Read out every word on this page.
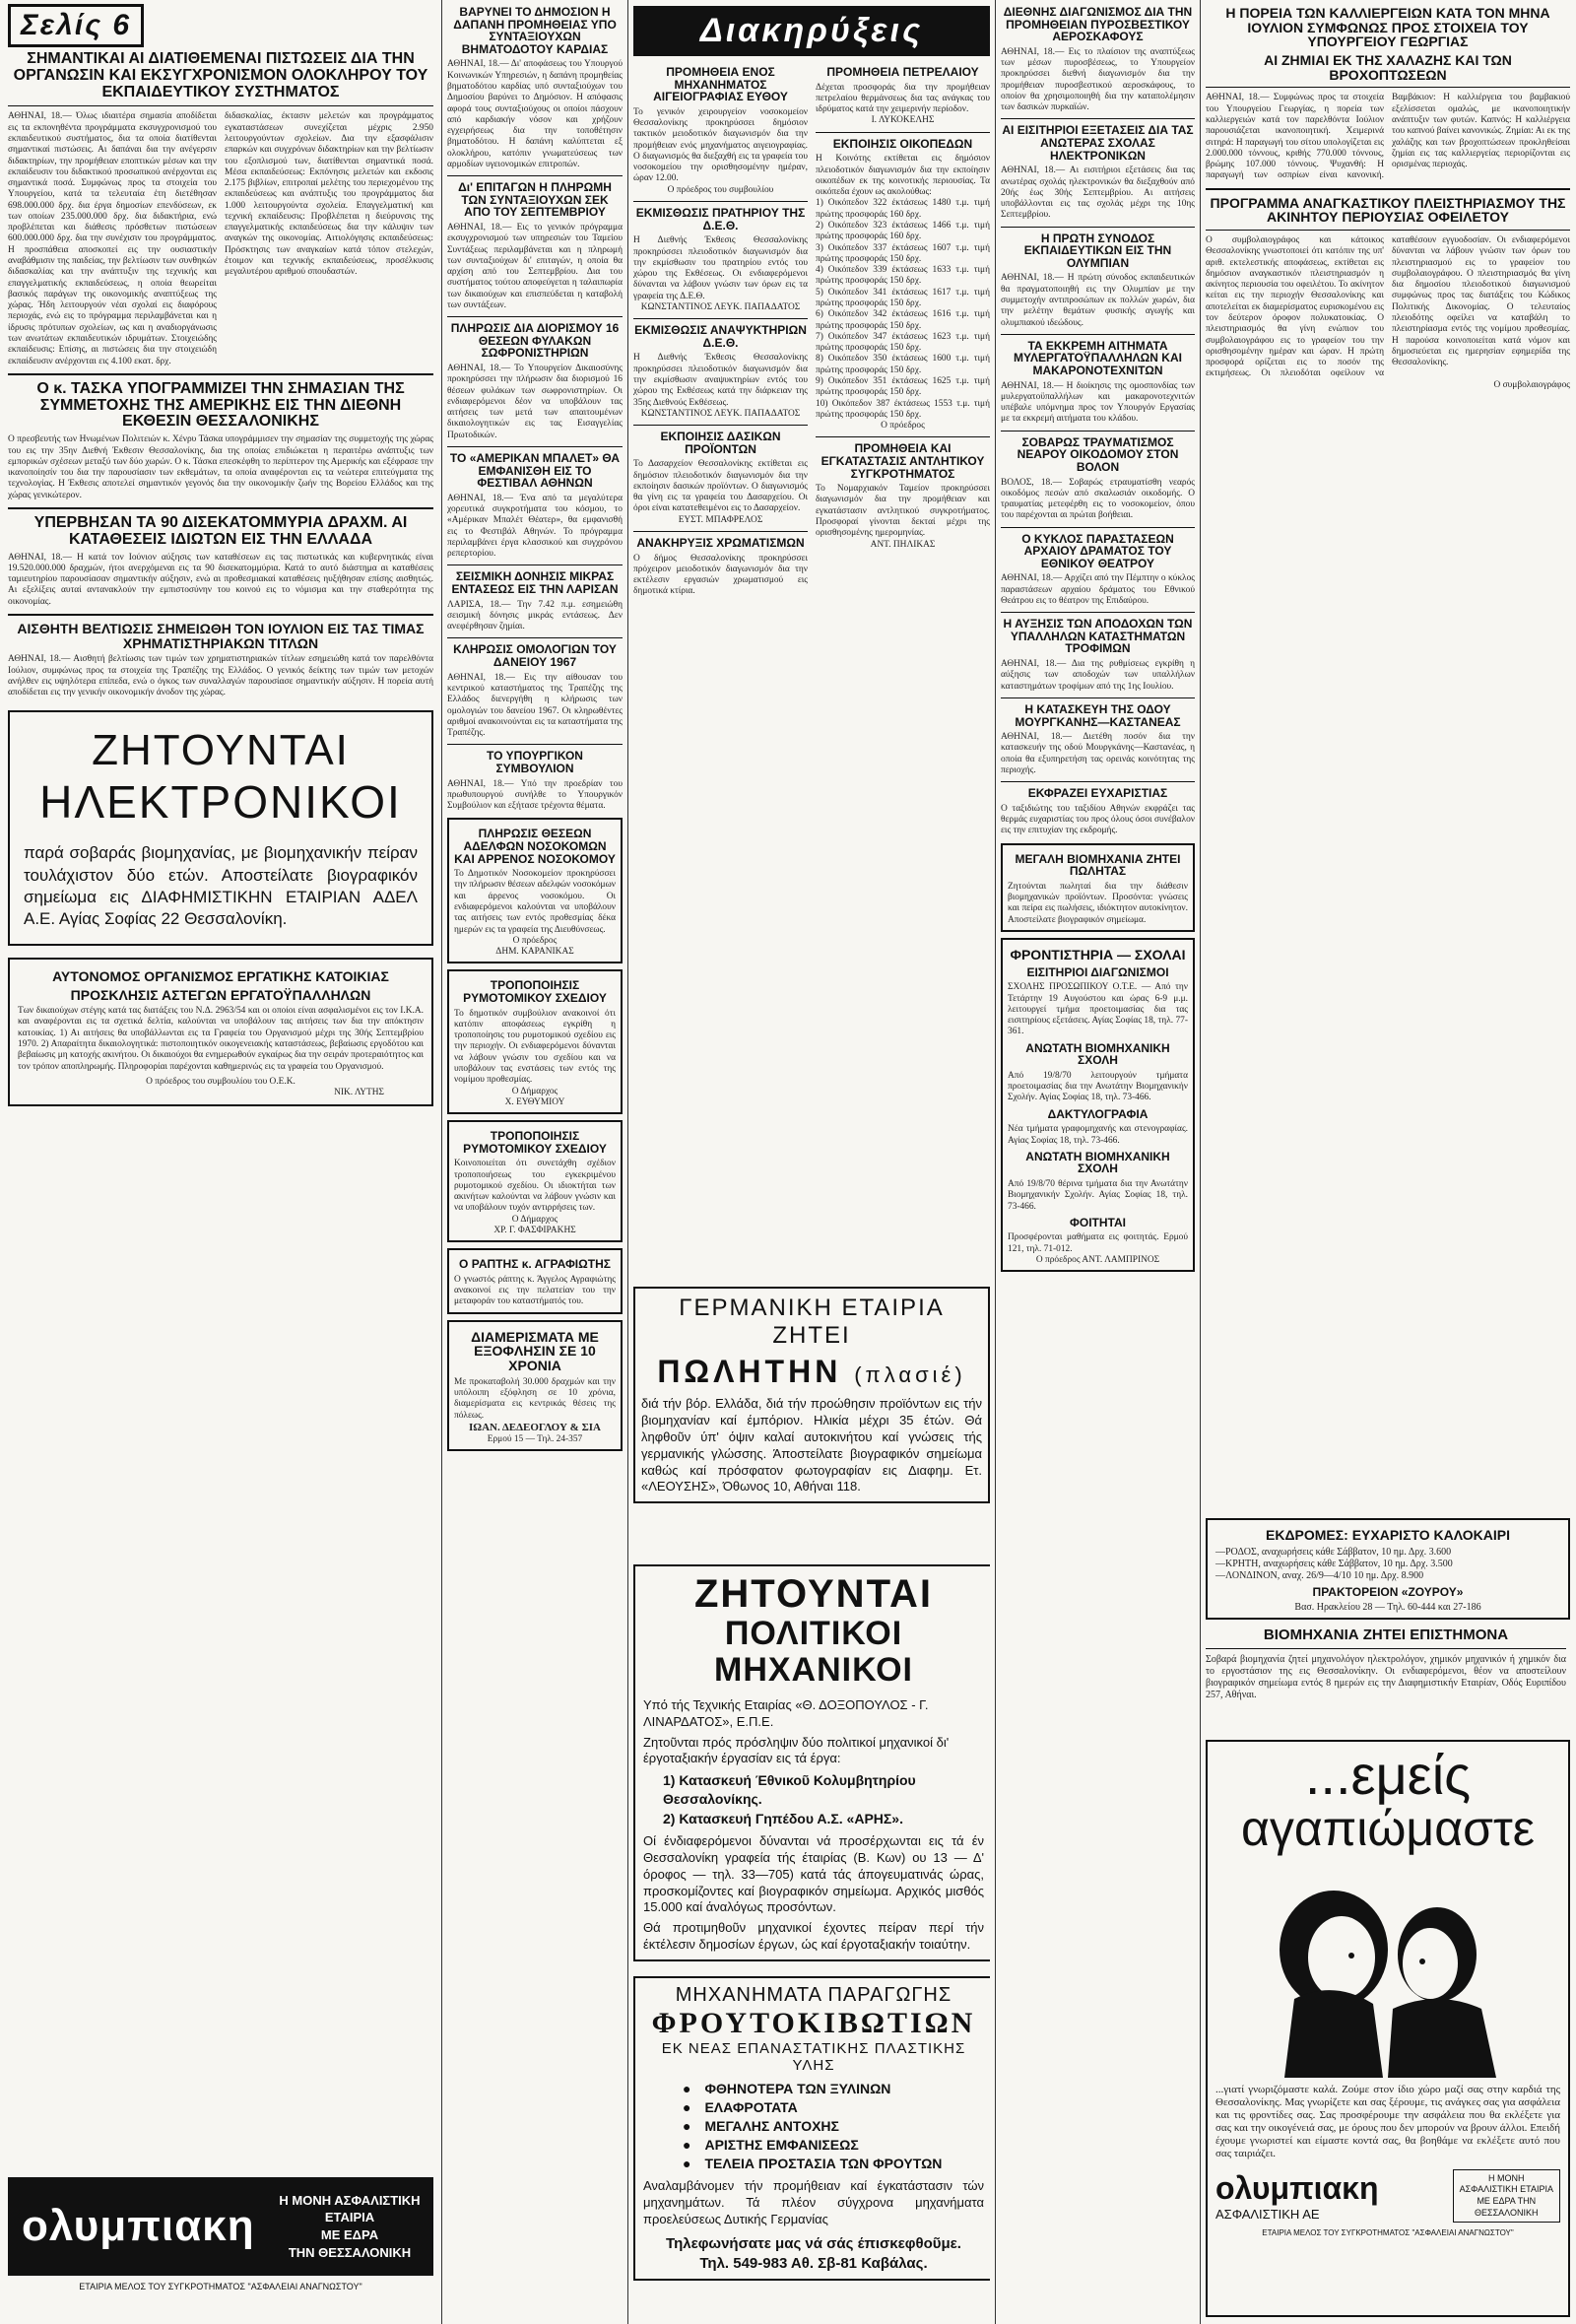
Σελίς 6
ΣΗΜΑΝΤΙΚΑΙ ΑΙ ΔΙΑΤΙΘΕΜΕΝΑΙ ΠΙΣΤΩΣΕΙΣ ΔΙΑ ΤΗΝ ΟΡΓΑΝΩΣΙΝ ΚΑΙ ΕΚΣΥΓΧΡΟΝΙΣΜΟΝ ΟΛΟΚΛΗΡΟΥ ΤΟΥ ΕΚΠΑΙΔΕΥΤΙΚΟΥ ΣΥΣΤΗΜΑΤΟΣ

ΑΘΗΝΑΙ, 18.— Όλως ιδιαιτέρα σημασία αποδίδεται εις τα εκπονηθέντα προγράμματα εκσυγχρονισμού του εκπαιδευτικού συστήματος, δια τα οποία διατίθενται σημαντικαί πιστώσεις. Αι δαπάναι δια την ανέγερσιν διδακτηρίων, την προμήθειαν εποπτικών μέσων και την εκπαίδευσιν του διδακτικού προσωπικού ανέρχονται εις σημαντικά ποσά. Συμφώνως προς τα στοιχεία του Υπουργείου, κατά τα τελευταία έτη διετέθησαν 698.000.000 δρχ. δια έργα δημοσίων επενδύσεων, εκ των οποίων 235.000.000 δρχ. δια διδακτήρια, ενώ προβλέπεται και διάθεσις πρόσθετων πιστώσεων 600.000.000 δρχ. δια την συνέχισιν του προγράμματος. Η προσπάθεια αποσκοπεί εις την ουσιαστικήν αναβάθμισιν της παιδείας, την βελτίωσιν των συνθηκών διδασκαλίας και την ανάπτυξιν της τεχνικής και επαγγελματικής εκπαιδεύσεως, η οποία θεωρείται βασικός παράγων της οικονομικής αναπτύξεως της χώρας. Ήδη λειτουργούν νέαι σχολαί εις διαφόρους περιοχάς, ενώ εις το πρόγραμμα περιλαμβάνεται και η ίδρυσις πρότυπων σχολείων, ως και η αναδιοργάνωσις των ανωτάτων εκπαιδευτικών ιδρυμάτων. Στοιχειώδης εκπαίδευσις: Επίσης, αι πιστώσεις δια την στοιχειώδη εκπαίδευσιν ανέρχονται εις 4.100 εκατ. δρχ.

διδασκαλίας, έκτασιν μελετών και προγράμματος εγκαταστάσεων συνεχίζεται μέχρις 2.950 λειτουργούντων σχολείων. Δια την εξασφάλισιν επαρκών και συγχρόνων διδακτηρίων και την βελτίωσιν του εξοπλισμού των, διατίθενται σημαντικά ποσά. Μέσα εκπαιδεύσεως: Εκπόνησις μελετών και εκδοσις 2.175 βιβλίων, επιτροπαί μελέτης του περιεχομένου της εκπαιδεύσεως και ανάπτυξις του προγράμματος δια 1.000 λειτουργούντα σχολεία. Επαγγελματική και τεχνική εκπαίδευσις: Προβλέπεται η διεύρυνσις της επαγγελματικής εκπαιδεύσεως δια την κάλυψιν των αναγκών της οικονομίας. Αιτιολόγησις εκπαιδεύσεως: Πρόσκτησις των αναγκαίων κατά τόπον στελεχών, έτοιμον και τεχνικής εκπαιδεύσεως, προσέλκυσις μεγαλυτέρου αριθμού σπουδαστών.

Ο κ. ΤΑΣΚΑ ΥΠΟΓΡΑΜΜΙΖΕΙ ΤΗΝ ΣΗΜΑΣΙΑΝ ΤΗΣ ΣΥΜΜΕΤΟΧΗΣ ΤΗΣ ΑΜΕΡΙΚΗΣ ΕΙΣ ΤΗΝ ΔΙΕΘΝΗ ΕΚΘΕΣΙΝ ΘΕΣΣΑΛΟΝΙΚΗΣ

Ο πρεσβευτής των Ηνωμένων Πολιτειών κ. Χένρυ Τάσκα υπογράμμισεν την σημασίαν της συμμετοχής της χώρας του εις την 35ην Διεθνή Έκθεσιν Θεσσαλονίκης, δια της οποίας επιδιώκεται η περαιτέρω ανάπτυξις των εμπορικών σχέσεων μεταξύ των δύο χωρών. Ο κ. Τάσκα επεσκέφθη το περίπτερον της Αμερικής και εξέφρασε την ικανοποίησίν του δια την παρουσίασιν των εκθεμάτων, τα οποία αναφέρονται εις τα νεώτερα επιτεύγματα της τεχνολογίας. Η Έκθεσις αποτελεί σημαντικόν γεγονός δια την οικονομικήν ζωήν της Βορείου Ελλάδος και της χώρας γενικώτερον.

ΥΠΕΡΒΗΣΑΝ ΤΑ 90 ΔΙΣΕΚΑΤΟΜΜΥΡΙΑ ΔΡΑΧΜ. ΑΙ ΚΑΤΑΘΕΣΕΙΣ ΙΔΙΩΤΩΝ ΕΙΣ ΤΗΝ ΕΛΛΑΔΑ

ΑΘΗΝΑΙ, 18.— Η κατά τον Ιούνιον αύξησις των καταθέσεων εις τας πιστωτικάς και κυβερνητικάς είναι 19.520.000.000 δραχμών, ήτοι ανερχόμεναι εις τα 90 δισεκατομμύρια. Κατά το αυτό διάστημα αι καταθέσεις ταμιευτηρίου παρουσίασαν σημαντικήν αύξησιν, ενώ αι προθεσμιακαί καταθέσεις ηυξήθησαν επίσης αισθητώς. Αι εξελίξεις αυταί αντανακλούν την εμπιστοσύνην του κοινού εις το νόμισμα και την σταθερότητα της οικονομίας.

ΑΙΣΘΗΤΗ ΒΕΛΤΙΩΣΙΣ ΣΗΜΕΙΩΘΗ ΤΟΝ ΙΟΥΛΙΟΝ ΕΙΣ ΤΑΣ ΤΙΜΑΣ ΧΡΗΜΑΤΙΣΤΗΡΙΑΚΩΝ ΤΙΤΛΩΝ

ΑΘΗΝΑΙ, 18.— Αισθητή βελτίωσις των τιμών των χρηματιστηριακών τίτλων εσημειώθη κατά τον παρελθόντα Ιούλιον, συμφώνως προς τα στοιχεία της Τραπέζης της Ελλάδος. Ο γενικός δείκτης των τιμών των μετοχών ανήλθεν εις υψηλότερα επίπεδα, ενώ ο όγκος των συναλλαγών παρουσίασε σημαντικήν αύξησιν. Η πορεία αυτή αποδίδεται εις την γενικήν οικονομικήν άνοδον της χώρας.

ΖΗΤΟΥΝΤΑΙ
ΗΛΕΚΤΡΟΝΙΚΟΙ
παρά σοβαράς βιομηχανίας, με βιομηχανικήν πείραν τουλάχιστον δύο ετών. Αποστείλατε βιογραφικόν σημείωμα εις ΔΙΑΦΗΜΙΣΤΙΚΗΝ ΕΤΑΙΡΙΑΝ ΑΔΕΛ Α.Ε. Αγίας Σοφίας 22 Θεσσαλονίκη.
ΑΥΤΟΝΟΜΟΣ ΟΡΓΑΝΙΣΜΟΣ ΕΡΓΑΤΙΚΗΣ ΚΑΤΟΙΚΙΑΣ
ΠΡΟΣΚΛΗΣΙΣ ΑΣΤΕΓΩΝ ΕΡΓΑΤΟΫΠΑΛΛΗΛΩΝ

Των δικαιούχων στέγης κατά τας διατάξεις του Ν.Δ. 2963/54 και οι οποίοι είναι ασφαλισμένοι εις τον Ι.Κ.Α. και αναφέρονται εις τα σχετικά δελτία, καλούνται να υποβάλουν τας αιτήσεις των δια την απόκτησιν κατοικίας. 1) Αι αιτήσεις θα υποβάλλωνται εις τα Γραφεία του Οργανισμού μέχρι της 30ής Σεπτεμβρίου 1970. 2) Απαραίτητα δικαιολογητικά: πιστοποιητικόν οικογενειακής καταστάσεως, βεβαίωσις εργοδότου και βεβαίωσις μη κατοχής ακινήτου. Οι δικαιούχοι θα ενημερωθούν εγκαίρως δια την σειράν προτεραιότητος και τον τρόπον αποπληρωμής. Πληροφορίαι παρέχονται καθημερινώς εις τα γραφεία του Οργανισμού.

Ο πρόεδρος του συμβουλίου του Ο.Ε.Κ.

ΝΙΚ. ΛΥΤΗΣ

ολυμπιακη
Η ΜΟΝΗ ΑΣΦΑΛΙΣΤΙΚΗ
ΕΤΑΙΡΙΑ
ΜΕ ΕΔΡΑ
ΤΗΝ ΘΕΣΣΑΛΟΝΙΚΗ
ΕΤΑΙΡΙΑ ΜΕΛΟΣ ΤΟΥ ΣΥΓΚΡΟΤΗΜΑΤΟΣ "ΑΣΦΑΛΕΙΑΙ ΑΝΑΓΝΩΣΤΟΥ"
ΒΑΡΥΝΕΙ ΤΟ ΔΗΜΟΣΙΟΝ Η ΔΑΠΑΝΗ ΠΡΟΜΗΘΕΙΑΣ ΥΠΟ ΣΥΝΤΑΞΙΟΥΧΩΝ ΒΗΜΑΤΟΔΟΤΟΥ ΚΑΡΔΙΑΣ

ΑΘΗΝΑΙ, 18.— Δι' αποφάσεως του Υπουργού Κοινωνικών Υπηρεσιών, η δαπάνη προμηθείας βηματοδότου καρδίας υπό συνταξιούχων του Δημοσίου βαρύνει το Δημόσιον. Η απόφασις αφορά τους συνταξιούχους οι οποίοι πάσχουν από καρδιακήν νόσον και χρήζουν εγχειρήσεως δια την τοποθέτησιν βηματοδότου. Η δαπάνη καλύπτεται εξ ολοκλήρου, κατόπιν γνωματεύσεως των αρμοδίων υγειονομικών επιτροπών.

Δι' ΕΠΙΤΑΓΩΝ Η ΠΛΗΡΩΜΗ ΤΩΝ ΣΥΝΤΑΞΙΟΥΧΩΝ ΣΕΚ ΑΠΟ ΤΟΥ ΣΕΠΤΕΜΒΡΙΟΥ

ΑΘΗΝΑΙ, 18.— Εις το γενικόν πρόγραμμα εκσυγχρονισμού των υπηρεσιών του Ταμείου Συντάξεως περιλαμβάνεται και η πληρωμή των συνταξιούχων δι' επιταγών, η οποία θα αρχίση από του Σεπτεμβρίου. Δια του συστήματος τούτου αποφεύγεται η ταλαιπωρία των δικαιούχων και επισπεύδεται η καταβολή των συντάξεων.

ΠΛΗΡΩΣΙΣ ΔΙΑ ΔΙΟΡΙΣΜΟΥ 16 ΘΕΣΕΩΝ ΦΥΛΑΚΩΝ ΣΩΦΡΟΝΙΣΤΗΡΙΩΝ

ΑΘΗΝΑΙ, 18.— Το Υπουργείον Δικαιοσύνης προκηρύσσει την πλήρωσιν δια διορισμού 16 θέσεων φυλάκων των σωφρονιστηρίων. Οι ενδιαφερόμενοι δέον να υποβάλουν τας αιτήσεις των μετά των απαιτουμένων δικαιολογητικών εις τας Εισαγγελίας Πρωτοδικών.

ΤΟ «ΑΜΕΡΙΚΑΝ ΜΠΑΛΕΤ» ΘΑ ΕΜΦΑΝΙΣΘΗ ΕΙΣ ΤΟ ΦΕΣΤΙΒΑΛ ΑΘΗΝΩΝ

ΑΘΗΝΑΙ, 18.— Ένα από τα μεγαλύτερα χορευτικά συγκροτήματα του κόσμου, το «Αμέρικαν Μπαλέτ Θέατερ», θα εμφανισθή εις το Φεστιβάλ Αθηνών. Το πρόγραμμα περιλαμβάνει έργα κλασσικού και συγχρόνου ρεπερτορίου.

ΣΕΙΣΜΙΚΗ ΔΟΝΗΣΙΣ ΜΙΚΡΑΣ ΕΝΤΑΣΕΩΣ ΕΙΣ ΤΗΝ ΛΑΡΙΣΑΝ

ΛΑΡΙΣΑ, 18.— Την 7.42 π.μ. εσημειώθη σεισμική δόνησις μικράς εντάσεως. Δεν ανεφέρθησαν ζημίαι.

ΚΛΗΡΩΣΙΣ ΟΜΟΛΟΓΙΩΝ ΤΟΥ ΔΑΝΕΙΟΥ 1967

ΑΘΗΝΑΙ, 18.— Εις την αίθουσαν του κεντρικού καταστήματος της Τραπέζης της Ελλάδος διενεργήθη η κλήρωσις των ομολογιών του δανείου 1967. Οι κληρωθέντες αριθμοί ανακοινούνται εις τα καταστήματα της Τραπέζης.

ΤΟ ΥΠΟΥΡΓΙΚΟΝ ΣΥΜΒΟΥΛΙΟΝ

ΑΘΗΝΑΙ, 18.— Υπό την προεδρίαν του πρωθυπουργού συνήλθε το Υπουργικόν Συμβούλιον και εξήτασε τρέχοντα θέματα.

ΠΛΗΡΩΣΙΣ ΘΕΣΕΩΝ ΑΔΕΛΦΩΝ ΝΟΣΟΚΟΜΩΝ ΚΑΙ ΑΡΡΕΝΟΣ ΝΟΣΟΚΟΜΟΥ

Το Δημοτικόν Νοσοκομείον προκηρύσσει την πλήρωσιν θέσεων αδελφών νοσοκόμων και άρρενος νοσοκόμου. Οι ενδιαφερόμενοι καλούνται να υποβάλουν τας αιτήσεις των εντός προθεσμίας δέκα ημερών εις τα γραφεία της Διευθύνσεως.

Ο πρόεδρος

ΔΗΜ. ΚΑΡΑΝΙΚΑΣ

ΤΡΟΠΟΠΟΙΗΣΙΣ ΡΥΜΟΤΟΜΙΚΟΥ ΣΧΕΔΙΟΥ

Το δημοτικόν συμβούλιον ανακοινοί ότι κατόπιν αποφάσεως εγκρίθη η τροποποίησις του ρυμοτομικού σχεδίου εις την περιοχήν. Οι ενδιαφερόμενοι δύνανται να λάβουν γνώσιν του σχεδίου και να υποβάλουν τας ενστάσεις των εντός της νομίμου προθεσμίας.

Ο Δήμαρχος

Χ. ΕΥΘΥΜΙΟΥ

ΤΡΟΠΟΠΟΙΗΣΙΣ ΡΥΜΟΤΟΜΙΚΟΥ ΣΧΕΔΙΟΥ

Κοινοποιείται ότι συνετάχθη σχέδιον τροποποιήσεως του εγκεκριμένου ρυμοτομικού σχεδίου. Οι ιδιοκτήται των ακινήτων καλούνται να λάβουν γνώσιν και να υποβάλουν τυχόν αντιρρήσεις των.

Ο Δήμαρχος

ΧΡ. Γ. ΦΑΣΦΙΡΑΚΗΣ

Ο ΡΑΠΤΗΣ κ. ΑΓΡΑΦΙΩΤΗΣ

Ο γνωστός ράπτης κ. Άγγελος Αγραφιώτης ανακοινοί εις την πελατείαν του την μεταφοράν του καταστήματός του.

ΔΙΑΜΕΡΙΣΜΑΤΑ ΜΕ ΕΞΟΦΛΗΣΙΝ ΣΕ 10 ΧΡΟΝΙΑ

Με προκαταβολή 30.000 δραχμών και την υπόλοιπη εξόφληση σε 10 χρόνια, διαμερίσματα εις κεντρικάς θέσεις της πόλεως.

ΙΩΑΝ. ΔΕΔΕΟΓΛΟΥ & ΣΙΑ

Ερμού 15 — Τηλ. 24-357

Διακηρύξεις
ΠΡΟΜΗΘΕΙΑ ΕΝΟΣ ΜΗΧΑΝΗΜΑΤΟΣ ΑΙΓΕΙΟΓΡΑΦΙΑΣ ΕΥΘΟΥ

Το γενικόν χειρουργείον νοσοκομείον Θεσσαλονίκης προκηρύσσει δημόσιον τακτικόν μειοδοτικόν διαγωνισμόν δια την προμήθειαν ενός μηχανήματος αιγειογραφίας. Ο διαγωνισμός θα διεξαχθή εις τα γραφεία του νοσοκομείου την ορισθησομένην ημέραν, ώραν 12.00.

Ο πρόεδρος του συμβουλίου

ΕΚΜΙΣΘΩΣΙΣ ΠΡΑΤΗΡΙΟΥ ΤΗΣ Δ.Ε.Θ.

Η Διεθνής Έκθεσις Θεσσαλονίκης προκηρύσσει πλειοδοτικόν διαγωνισμόν δια την εκμίσθωσιν του πρατηρίου εντός του χώρου της Εκθέσεως. Οι ενδιαφερόμενοι δύνανται να λάβουν γνώσιν των όρων εις τα γραφεία της Δ.Ε.Θ.

ΚΩΝΣΤΑΝΤΙΝΟΣ ΛΕΥΚ. ΠΑΠΑΔΑΤΟΣ

ΕΚΜΙΣΘΩΣΙΣ ΑΝΑΨΥΚΤΗΡΙΩΝ Δ.Ε.Θ.

Η Διεθνής Έκθεσις Θεσσαλονίκης προκηρύσσει πλειοδοτικόν διαγωνισμόν δια την εκμίσθωσιν αναψυκτηρίων εντός του χώρου της Εκθέσεως κατά την διάρκειαν της 35ης Διεθνούς Εκθέσεως.

ΚΩΝΣΤΑΝΤΙΝΟΣ ΛΕΥΚ. ΠΑΠΑΔΑΤΟΣ

ΕΚΠΟΙΗΣΙΣ ΔΑΣΙΚΩΝ ΠΡΟΪΟΝΤΩΝ

Το Δασαρχείον Θεσσαλονίκης εκτίθεται εις δημόσιον πλειοδοτικόν διαγωνισμόν δια την εκποίησιν δασικών προϊόντων. Ο διαγωνισμός θα γίνη εις τα γραφεία του Δασαρχείου. Οι όροι είναι κατατεθειμένοι εις το Δασαρχείον.

ΕΥΣΤ. ΜΠΑΦΡΕΛΟΣ

ΑΝΑΚΗΡΥΞΙΣ ΧΡΩΜΑΤΙΣΜΩΝ

Ο δήμος Θεσσαλονίκης προκηρύσσει πρόχειρον μειοδοτικόν διαγωνισμόν δια την εκτέλεσιν εργασιών χρωματισμού εις δημοτικά κτίρια.

ΠΡΟΜΗΘΕΙΑ ΠΕΤΡΕΛΑΙΟΥ

Δέχεται προσφοράς δια την προμήθειαν πετρελαίου θερμάνσεως δια τας ανάγκας του ιδρύματος κατά την χειμερινήν περίοδον.

Ι. ΛΥΚΟΚΕΛΗΣ

ΕΚΠΟΙΗΣΙΣ ΟΙΚΟΠΕΔΩΝ

Η Κοινότης εκτίθεται εις δημόσιον πλειοδοτικόν διαγωνισμόν δια την εκποίησιν οικοπέδων εκ της κοινοτικής περιουσίας. Τα οικόπεδα έχουν ως ακολούθως:

1) Οικόπεδον 322 έκτάσεως 1480 τ.μ. τιμή πρώτης προσφοράς 160 δρχ.

2) Οικόπεδον 323 έκτάσεως 1466 τ.μ. τιμή πρώτης προσφοράς 160 δρχ.

3) Οικόπεδον 337 έκτάσεως 1607 τ.μ. τιμή πρώτης προσφοράς 150 δρχ.

4) Οικόπεδον 339 έκτάσεως 1633 τ.μ. τιμή πρώτης προσφοράς 150 δρχ.

5) Οικόπεδον 341 έκτάσεως 1617 τ.μ. τιμή πρώτης προσφοράς 150 δρχ.

6) Οικόπεδον 342 έκτάσεως 1616 τ.μ. τιμή πρώτης προσφοράς 150 δρχ.

7) Οικόπεδον 347 έκτάσεως 1623 τ.μ. τιμή πρώτης προσφοράς 150 δρχ.

8) Οικόπεδον 350 έκτάσεως 1600 τ.μ. τιμή πρώτης προσφοράς 150 δρχ.

9) Οικόπεδον 351 έκτάσεως 1625 τ.μ. τιμή πρώτης προσφοράς 150 δρχ.

10) Οικόπεδον 387 έκτάσεως 1553 τ.μ. τιμή πρώτης προσφοράς 150 δρχ.

Ο πρόεδρος

ΠΡΟΜΗΘΕΙΑ ΚΑΙ ΕΓΚΑΤΑΣΤΑΣΙΣ ΑΝΤΛΗΤΙΚΟΥ ΣΥΓΚΡΟΤΗΜΑΤΟΣ

Το Νομαρχιακόν Ταμείον προκηρύσσει διαγωνισμόν δια την προμήθειαν και εγκατάστασιν αντλητικού συγκροτήματος. Προσφοραί γίνονται δεκταί μέχρι της ορισθησομένης ημερομηνίας.

ΑΝΤ. ΠΗΛΙΚΑΣ

ΓΕΡΜΑΝΙΚΗ ΕΤΑΙΡΙΑ ΖΗΤΕΙ
ΠΩΛΗΤΗΝ (πλασιέ)
διά τήν βόρ. Ελλάδα, διά τήν προώθησιν προϊόντων εις τήν βιομηχανίαν καί έμπόριον. Ηλικία μέχρι 35 έτών. Θά ληφθοῦν ύπ' όψιν καλαί αυτοκινήτου καί γνώσεις τής γερμανικής γλώσσης. Άποστείλατε βιογραφικόν σημείωμα καθώς καί πρόσφατον φωτογραφίαν εις Διαφημ. Ετ. «ΛΕΟΥΣΗΣ», Όθωνος 10, Αθήναι 118.
ΖΗΤΟΥΝΤΑΙ
ΠΟΛΙΤΙΚΟΙ ΜΗΧΑΝΙΚΟΙ
Υπό τής Τεχνικής Εταιρίας «Θ. ΔΟΞΟΠΟΥΛΟΣ - Γ. ΛΙΝΑΡΔΑΤΟΣ», Ε.Π.Ε.
Ζητοῦνται πρός πρόσληψιν δύο πολιτικοί μηχανικοί δι' έργοταξιακήν έργασίαν εις τά έργα:
1) Κατασκευή Έθνικοῦ Κολυμβητηρίου Θεσσαλονίκης.
2) Κατασκευή Γηπέδου Α.Σ. «ΑΡΗΣ».
Οί ένδιαφερόμενοι δύνανται νά προσέρχωνται εις τά έν Θεσσαλονίκη γραφεία τής έταιρίας (Β. Κων) ου 13 — Δ' όροφος — τηλ. 33—705) κατά τάς άπογευματινάς ώρας, προσκομίζοντες καί βιογραφικόν σημείωμα. Αρχικός μισθός 15.000 καί άναλόγως προσόντων.
Θά προτιμηθοῦν μηχανικοί έχοντες πείραν περί τήν έκτέλεσιν δημοσίων έργων, ώς καί έργοταξιακήν τοιαύτην.
ΜΗΧΑΝΗΜΑΤΑ ΠΑΡΑΓΩΓΗΣ
ΦΡΟΥΤΟΚΙΒΩΤΙΩΝ
ΕΚ ΝΕΑΣ ΕΠΑΝΑΣΤΑΤΙΚΗΣ ΠΛΑΣΤΙΚΗΣ ΥΛΗΣ
● ΦΘΗΝΟΤΕΡΑ ΤΩΝ ΞΥΛΙΝΩΝ
● ΕΛΑΦΡΟΤΑΤΑ
● ΜΕΓΑΛΗΣ ΑΝΤΟΧΗΣ
● ΑΡΙΣΤΗΣ ΕΜΦΑΝΙΣΕΩΣ
● ΤΕΛΕΙΑ ΠΡΟΣΤΑΣΙΑ ΤΩΝ ΦΡΟΥΤΩΝ
Αναλαμβάνομεν τήν προμήθειαν καί έγκατάστασιν τών μηχανημάτων. Τά πλέον σύγχρονα μηχανήματα προελεύσεως Δυτικής Γερμανίας
Τηλεφωνήσατε μας νά σάς έπισκεφθοῦμε.
Τηλ. 549-983 Αθ. Σβ-81 Καβάλας.
ΔΙΕΘΝΗΣ ΔΙΑΓΩΝΙΣΜΟΣ ΔΙΑ ΤΗΝ ΠΡΟΜΗΘΕΙΑΝ ΠΥΡΟΣΒΕΣΤΙΚΟΥ ΑΕΡΟΣΚΑΦΟΥΣ

ΑΘΗΝΑΙ, 18.— Εις το πλαίσιον της αναπτύξεως των μέσων πυροσβέσεως, το Υπουργείον προκηρύσσει διεθνή διαγωνισμόν δια την προμήθειαν πυροσβεστικού αεροσκάφους, το οποίον θα χρησιμοποιηθή δια την καταπολέμησιν των δασικών πυρκαϊών.

ΑΙ ΕΙΣΙΤΗΡΙΟΙ ΕΞΕΤΑΣΕΙΣ ΔΙΑ ΤΑΣ ΑΝΩΤΕΡΑΣ ΣΧΟΛΑΣ ΗΛΕΚΤΡΟΝΙΚΩΝ

ΑΘΗΝΑΙ, 18.— Αι εισιτήριοι εξετάσεις δια τας ανωτέρας σχολάς ηλεκτρονικών θα διεξαχθούν από 20ής έως 30ής Σεπτεμβρίου. Αι αιτήσεις υποβάλλονται εις τας σχολάς μέχρι της 10ης Σεπτεμβρίου.

Η ΠΡΩΤΗ ΣΥΝΟΔΟΣ ΕΚΠΑΙΔΕΥΤΙΚΩΝ ΕΙΣ ΤΗΝ ΟΛΥΜΠΙΑΝ

ΑΘΗΝΑΙ, 18.— Η πρώτη σύνοδος εκπαιδευτικών θα πραγματοποιηθή εις την Ολυμπίαν με την συμμετοχήν αντιπροσώπων εκ πολλών χωρών, δια την μελέτην θεμάτων φυσικής αγωγής και ολυμπιακού ιδεώδους.

ΤΑ ΕΚΚΡΕΜΗ ΑΙΤΗΜΑΤΑ ΜΥΛΕΡΓΑΤΟΫΠΑΛΛΗΛΩΝ ΚΑΙ ΜΑΚΑΡΟΝΟΤΕΧΝΙΤΩΝ

ΑΘΗΝΑΙ, 18.— Η διοίκησις της ομοσπονδίας των μυλεργατοϋπαλλήλων και μακαρονοτεχνιτών υπέβαλε υπόμνημα προς τον Υπουργόν Εργασίας με τα εκκρεμή αιτήματα του κλάδου.

ΣΟΒΑΡΩΣ ΤΡΑΥΜΑΤΙΣΜΟΣ ΝΕΑΡΟΥ ΟΙΚΟΔΟΜΟΥ ΣΤΟΝ ΒΟΛΟΝ

ΒΟΛΟΣ, 18.— Σοβαρώς ετραυματίσθη νεαρός οικοδόμος πεσών από σκαλωσιάν οικοδομής. Ο τραυματίας μετεφέρθη εις το νοσοκομείον, όπου του παρέχονται αι πρώται βοήθειαι.

Ο ΚΥΚΛΟΣ ΠΑΡΑΣΤΑΣΕΩΝ ΑΡΧΑΙΟΥ ΔΡΑΜΑΤΟΣ ΤΟΥ ΕΘΝΙΚΟΥ ΘΕΑΤΡΟΥ

ΑΘΗΝΑΙ, 18.— Αρχίζει από την Πέμπτην ο κύκλος παραστάσεων αρχαίου δράματος του Εθνικού Θεάτρου εις το θέατρον της Επιδαύρου.

Η ΑΥΞΗΣΙΣ ΤΩΝ ΑΠΟΔΟΧΩΝ ΤΩΝ ΥΠΑΛΛΗΛΩΝ ΚΑΤΑΣΤΗΜΑΤΩΝ ΤΡΟΦΙΜΩΝ

ΑΘΗΝΑΙ, 18.— Δια της ρυθμίσεως εγκρίθη η αύξησις των αποδοχών των υπαλλήλων καταστημάτων τροφίμων από της 1ης Ιουλίου.

Η ΚΑΤΑΣΚΕΥΗ ΤΗΣ ΟΔΟΥ ΜΟΥΡΓΚΑΝΗΣ—ΚΑΣΤΑΝΕΑΣ

ΑΘΗΝΑΙ, 18.— Διετέθη ποσόν δια την κατασκευήν της οδού Μουργκάνης—Καστανέας, η οποία θα εξυπηρετήση τας ορεινάς κοινότητας της περιοχής.

ΕΚΦΡΑΖΕΙ ΕΥΧΑΡΙΣΤΙΑΣ

Ο ταξιδιώτης του ταξιδίου Αθηνών εκφράζει τας θερμάς ευχαριστίας του προς όλους όσοι συνέβαλον εις την επιτυχίαν της εκδρομής.

ΜΕΓΑΛΗ ΒΙΟΜΗΧΑΝΙΑ ΖΗΤΕΙ ΠΩΛΗΤΑΣ

Ζητούνται πωληταί δια την διάθεσιν βιομηχανικών προϊόντων. Προσόντα: γνώσεις και πείρα εις πωλήσεις, ιδιόκτητον αυτοκίνητον. Αποστείλατε βιογραφικόν σημείωμα.

ΦΡΟΝΤΙΣΤΗΡΙΑ — ΣΧΟΛΑΙ
ΕΙΣΙΤΗΡΙΟΙ ΔΙΑΓΩΝΙΣΜΟΙ

ΣΧΟΛΗΣ ΠΡΟΣΩΠΙΚΟΥ Ο.Τ.Ε. — Από την Τετάρτην 19 Αυγούστου και ώρας 6-9 μ.μ. λειτουργεί τμήμα προετοιμασίας δια τας εισιτηρίους εξετάσεις. Αγίας Σοφίας 18, τηλ. 77-361.

ΑΝΩΤΑΤΗ ΒΙΟΜΗΧΑΝΙΚΗ ΣΧΟΛΗ

Από 19/8/70 λειτουργούν τμήματα προετοιμασίας δια την Ανωτάτην Βιομηχανικήν Σχολήν. Αγίας Σοφίας 18, τηλ. 73-466.

ΔΑΚΤΥΛΟΓΡΑΦΙΑ

Νέα τμήματα γραφομηχανής και στενογραφίας. Αγίας Σοφίας 18, τηλ. 73-466.

ΑΝΩΤΑΤΗ ΒΙΟΜΗΧΑΝΙΚΗ ΣΧΟΛΗ

Από 19/8/70 θέρινα τμήματα δια την Ανωτάτην Βιομηχανικήν Σχολήν. Αγίας Σοφίας 18, τηλ. 73-466.

ΦΟΙΤΗΤΑΙ

Προσφέρονται μαθήματα εις φοιτητάς. Ερμού 121, τηλ. 71-012.

Ο πρόεδρος ΑΝΤ. ΛΑΜΠΡΙΝΟΣ

Η ΠΟΡΕΙΑ ΤΩΝ ΚΑΛΛΙΕΡΓΕΙΩΝ ΚΑΤΑ ΤΟΝ ΜΗΝΑ ΙΟΥΛΙΟΝ ΣΥΜΦΩΝΩΣ ΠΡΟΣ ΣΤΟΙΧΕΙΑ ΤΟΥ ΥΠΟΥΡΓΕΙΟΥ ΓΕΩΡΓΙΑΣ
ΑΙ ΖΗΜΙΑΙ ΕΚ ΤΗΣ ΧΑΛΑΖΗΣ ΚΑΙ ΤΩΝ ΒΡΟΧΟΠΤΩΣΕΩΝ

ΑΘΗΝΑΙ, 18.— Συμφώνως προς τα στοιχεία του Υπουργείου Γεωργίας, η πορεία των καλλιεργειών κατά τον παρελθόντα Ιούλιον παρουσιάζεται ικανοποιητική. Χειμερινά σιτηρά: Η παραγωγή του σίτου υπολογίζεται εις 2.000.000 τόννους, κριθής 770.000 τόννους, βρώμης 107.000 τόννους. Ψυχανθή: Η παραγωγή των οσπρίων είναι κανονική. Βαμβάκιον: Η καλλιέργεια του βαμβακιού εξελίσσεται ομαλώς, με ικανοποιητικήν ανάπτυξιν των φυτών. Καπνός: Η καλλιέργεια του καπνού βαίνει κανονικώς. Ζημίαι: Αι εκ της χαλάζης και των βροχοπτώσεων προκληθείσαι ζημίαι εις τας καλλιεργείας περιορίζονται εις ορισμένας περιοχάς.

ΠΡΟΓΡΑΜΜΑ ΑΝΑΓΚΑΣΤΙΚΟΥ ΠΛΕΙΣΤΗΡΙΑΣΜΟΥ ΤΗΣ ΑΚΙΝΗΤΟΥ ΠΕΡΙΟΥΣΙΑΣ ΟΦΕΙΛΕΤΟΥ

Ο συμβολαιογράφος και κάτοικος Θεσσαλονίκης γνωστοποιεί ότι κατόπιν της υπ' αριθ. εκτελεστικής αποφάσεως, εκτίθεται εις δημόσιον αναγκαστικόν πλειστηριασμόν η ακίνητος περιουσία του οφειλέτου. Το ακίνητον κείται εις την περιοχήν Θεσσαλονίκης και αποτελείται εκ διαμερίσματος ευρισκομένου εις τον δεύτερον όροφον πολυκατοικίας. Ο πλειστηριασμός θα γίνη ενώπιον του συμβολαιογράφου εις το γραφείον του την ορισθησομένην ημέραν και ώραν. Η πρώτη προσφορά ορίζεται εις το ποσόν της εκτιμήσεως. Οι πλειοδόται οφείλουν να καταθέσουν εγγυοδοσίαν. Οι ενδιαφερόμενοι δύνανται να λάβουν γνώσιν των όρων του πλειστηριασμού εις το γραφείον του συμβολαιογράφου. Ο πλειστηριασμός θα γίνη δια δημοσίου πλειοδοτικού διαγωνισμού συμφώνως προς τας διατάξεις του Κώδικος Πολιτικής Δικονομίας. Ο τελευταίος πλειοδότης οφείλει να καταβάλη το πλειστηρίασμα εντός της νομίμου προθεσμίας. Η παρούσα κοινοποιείται κατά νόμον και δημοσιεύεται εις ημερησίαν εφημερίδα της Θεσσαλονίκης.

Ο συμβολαιογράφος

ΕΚΔΡΟΜΕΣ: ΕΥΧΑΡΙΣΤΟ ΚΑΛΟΚΑΙΡΙ
—ΡΟΔΟΣ, αναχωρήσεις κάθε Σάββατον, 10 ημ. Δρχ. 3.600
—ΚΡΗΤΗ, αναχωρήσεις κάθε Σάββατον, 10 ημ. Δρχ. 3.500
—ΛΟΝΔΙΝΟΝ, αναχ. 26/9—4/10 10 ημ. Δρχ. 8.900
ΠΡΑΚΤΟΡΕΙΟΝ «ΖΟΥΡΟΥ»
Βασ. Ηρακλείου 28 — Τηλ. 60-444 και 27-186
ΒΙΟΜΗΧΑΝΙΑ ΖΗΤΕΙ ΕΠΙΣΤΗΜΟΝΑ

Σοβαρά βιομηχανία ζητεί μηχανολόγον ηλεκτρολόγον, χημικόν μηχανικόν ή χημικόν δια το εργοστάσιον της εις Θεσσαλονίκην. Οι ενδιαφερόμενοι, θέον να αποστείλουν βιογραφικόν σημείωμα εντός 8 ημερών εις την Διαφημιστικήν Εταιρίαν, Οδός Ευριπίδου 257, Αθήναι.

...εμείς
αγαπιώμαστε

...γιατί γνωριζόμαστε καλά. Ζούμε στον ίδιο χώρο μαζί σας στην καρδιά της Θεσσαλονίκης. Μας γνωρίζετε και σας ξέρουμε, τις ανάγκες σας για ασφάλεια και τις φροντίδες σας. Σας προσφέρουμε την ασφάλεια που θα εκλέξετε για σας και την οικογένειά σας, με όρους που δεν μπορούν να βρουν άλλοι. Επειδή έχουμε γνωριστεί και είμαστε κοντά σας, θα βοηθάμε να εκλέξετε αυτό που σας ταιριάζει.

ολυμπιακη
ΑΣΦΑΛΙΣΤΙΚΗ ΑΕ
Η ΜΟΝΗ
ΑΣΦΑΛΙΣΤΙΚΗ ΕΤΑΙΡΙΑ
ΜΕ ΕΔΡΑ ΤΗΝ
ΘΕΣΣΑΛΟΝΙΚΗ
ΕΤΑΙΡΙΑ ΜΕΛΟΣ ΤΟΥ ΣΥΓΚΡΟΤΗΜΑΤΟΣ "ΑΣΦΑΛΕΙΑΙ ΑΝΑΓΝΩΣΤΟΥ"
